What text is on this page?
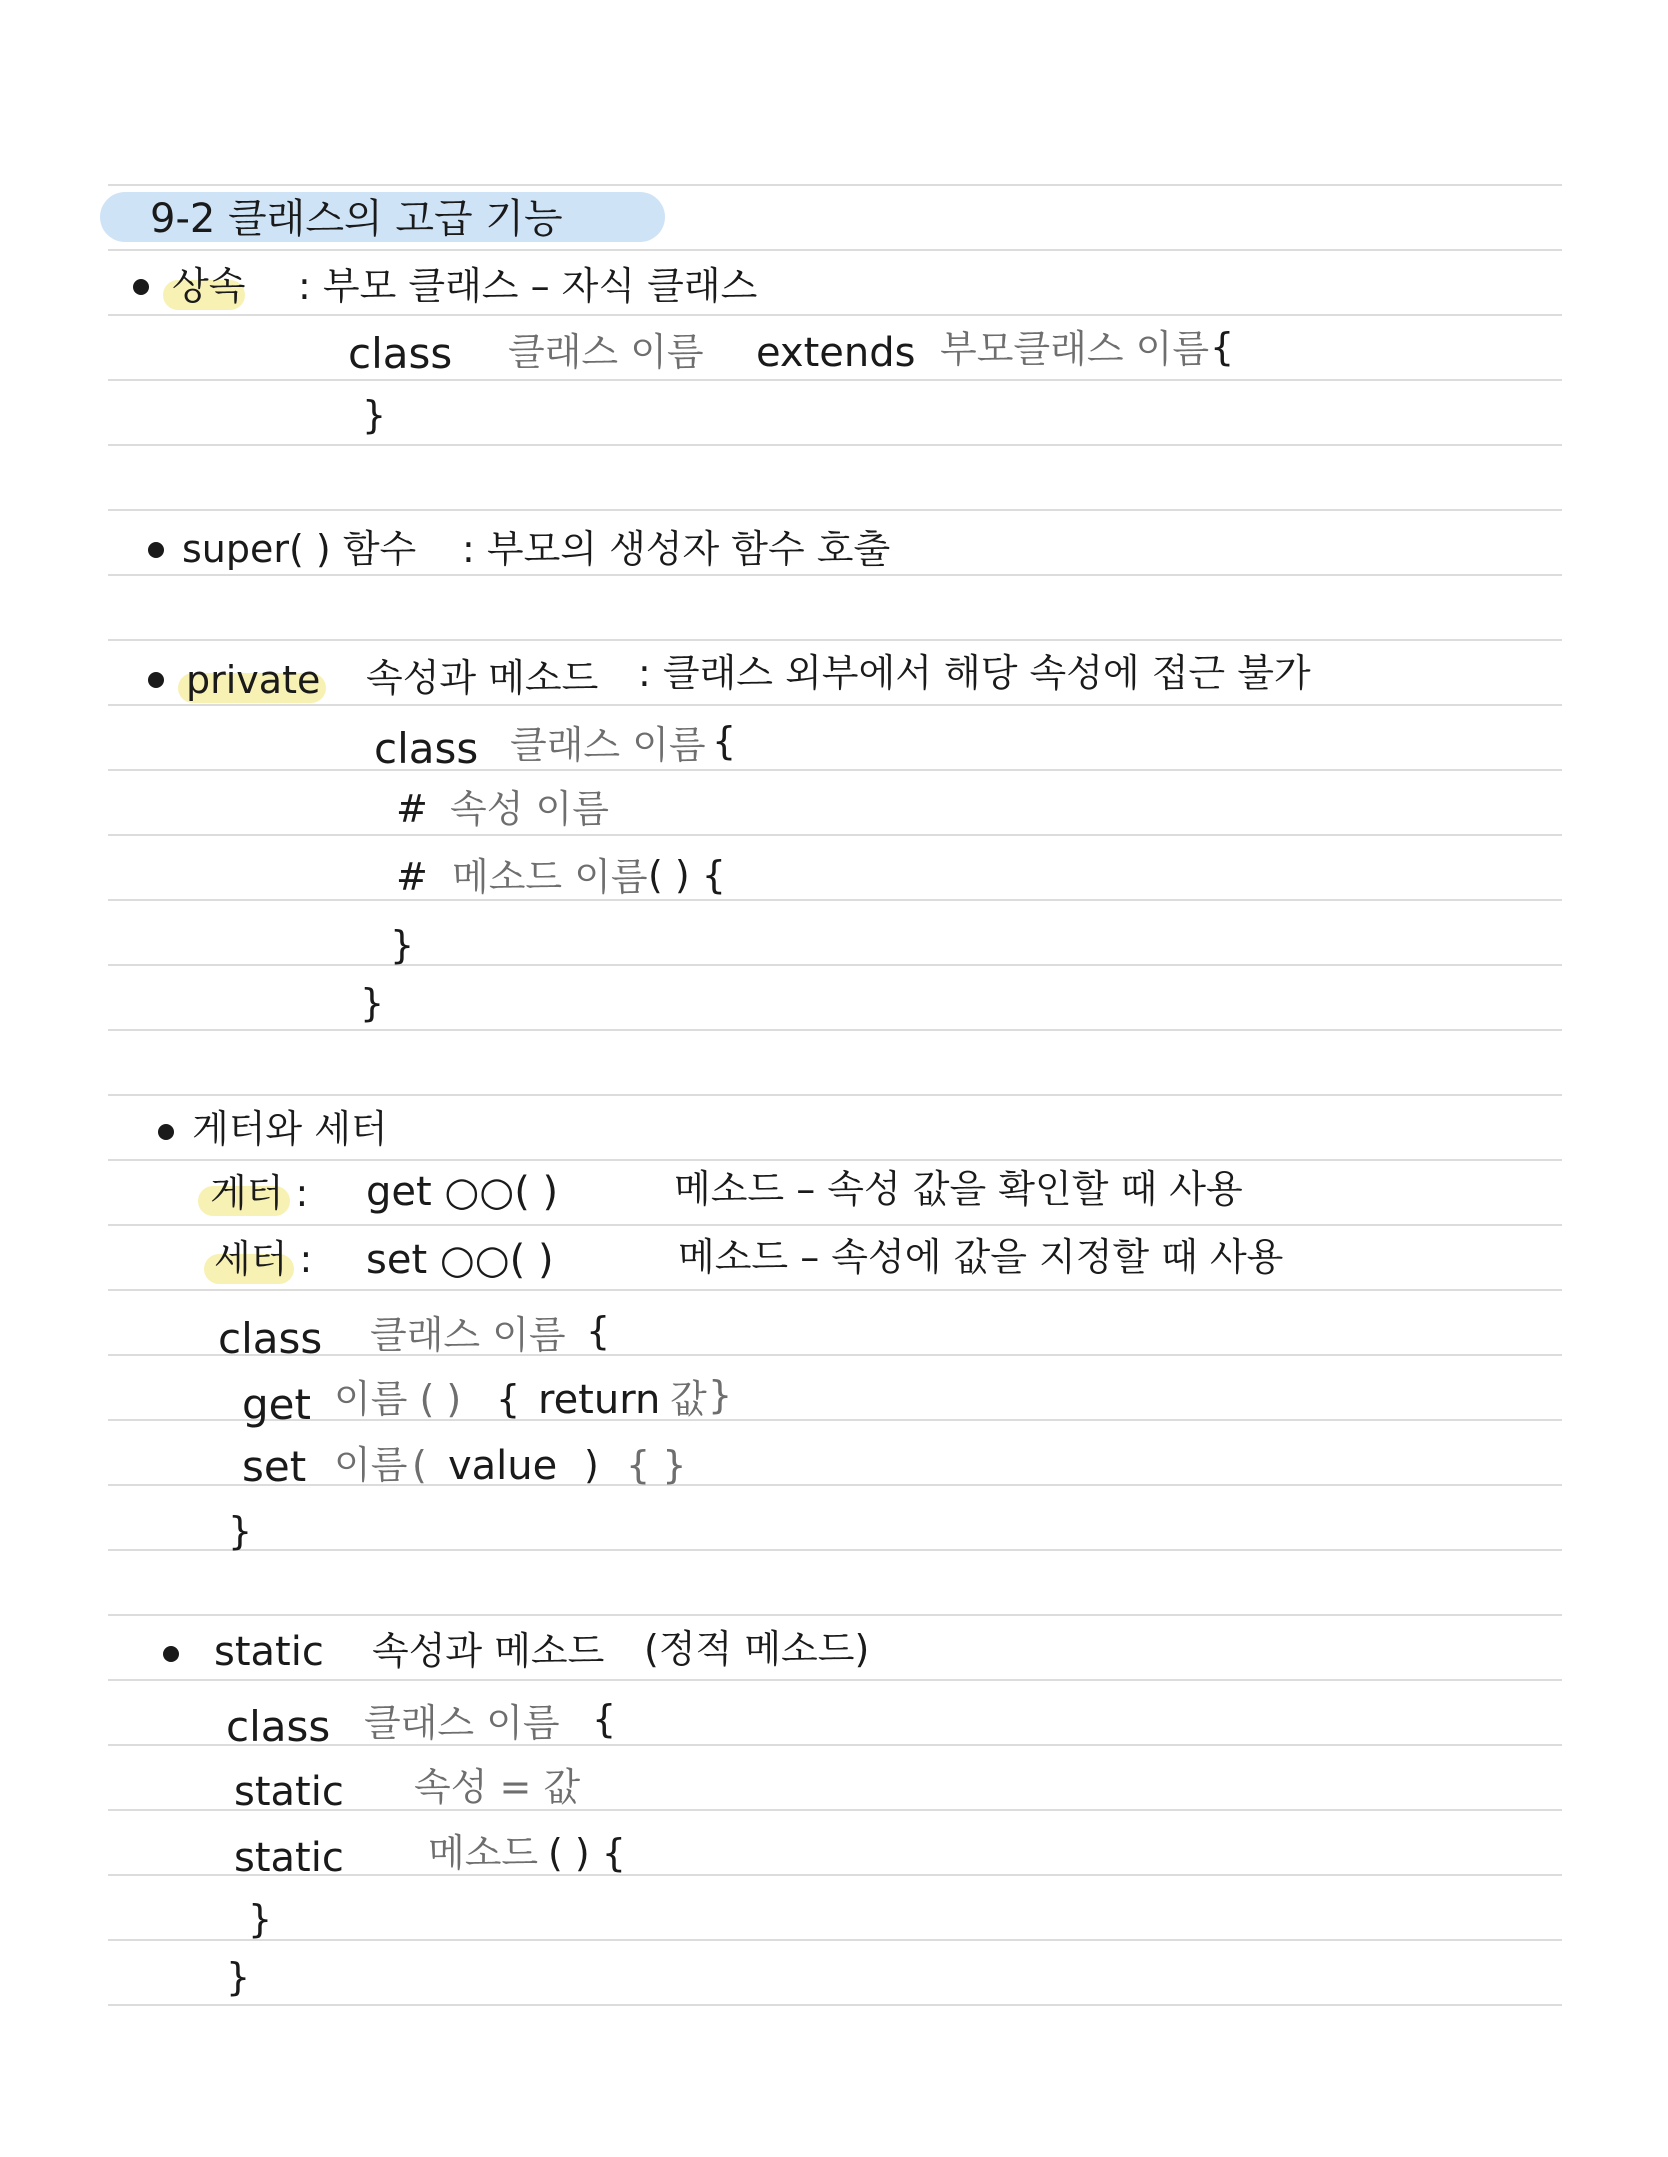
9-2 클래스의 고급 기능
상속 : 부모 클래스 – 자식 클래스
class 클래스 이름 extends 부모클래스 이름 {
}
super( ) 함수 : 부모의 생성자 함수 호출
private 속성과 메소드 : 클래스 외부에서 해당 속성에 접근 불가
class 클래스 이름 {
# 속성 이름
# 메소드 이름 ( ) {
}
}
게터와 세터
게터 : get ○○( )	메소드 – 속성 값을 확인할 때 사용
세터 : set ○○( )	메소드 – 속성에 값을 지정할 때 사용
class 클래스 이름 {
get 이름 ( ) { return 값 }
set 이름 ( value ) { }
}
static 속성과 메소드 (정적 메소드)
class 클래스 이름 {
static 속성 = 값
static 메소드 ( ) {
}
}
